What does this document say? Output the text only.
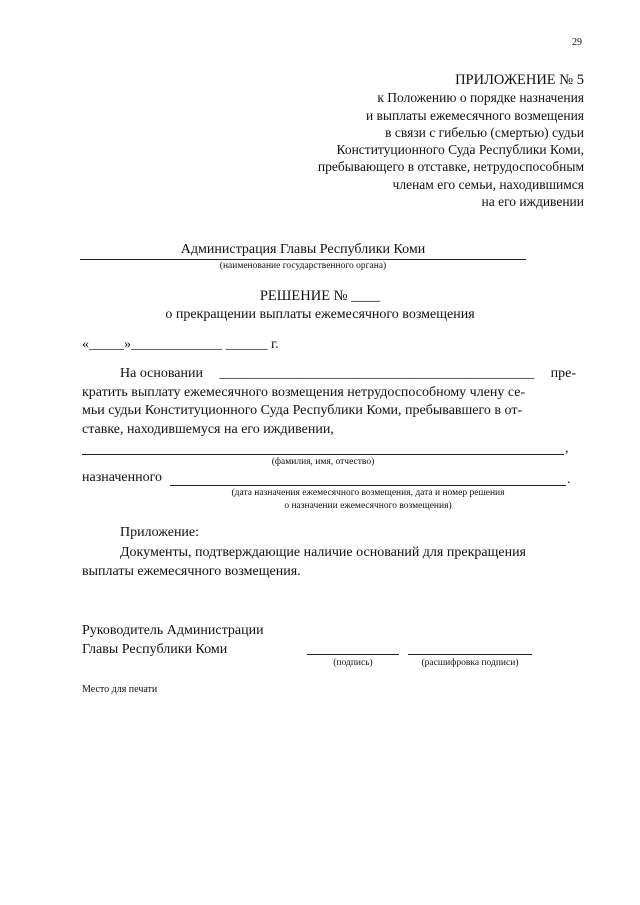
29
ПРИЛОЖЕНИЕ № 5
к Положению о порядке назначения
и выплаты ежемесячного возмещения
в связи с гибелью (смертью) судьи
Конституционного Суда Республики Коми,
пребывающего в отставке, нетрудоспособным
членам его семьи, находившимся
на его иждивении
Администрация Главы Республики Коми
(наименование государственного органа)
РЕШЕНИЕ № ____
о прекращении выплаты ежемесячного возмещения
«_____»_____________ ______ г.
На основании _____________________________________________ пре-
кратить выплату ежемесячного возмещения нетрудоспособному члену се-
мьи судьи Конституционного Суда Республики Коми, пребывавшего в от-
ставке, находившемуся на его иждивении,
,
(фамилия, имя, отчество)
назначенного	.
(дата назначения ежемесячного возмещения, дата и номер решения
о назначении ежемесячного возмещения)
Приложение:
Документы, подтверждающие наличие оснований для прекращения
выплаты ежемесячного возмещения.
Руководитель Администрации
Главы Республики Коми
(подпись)	(расшифровка подписи)
Место для печати
